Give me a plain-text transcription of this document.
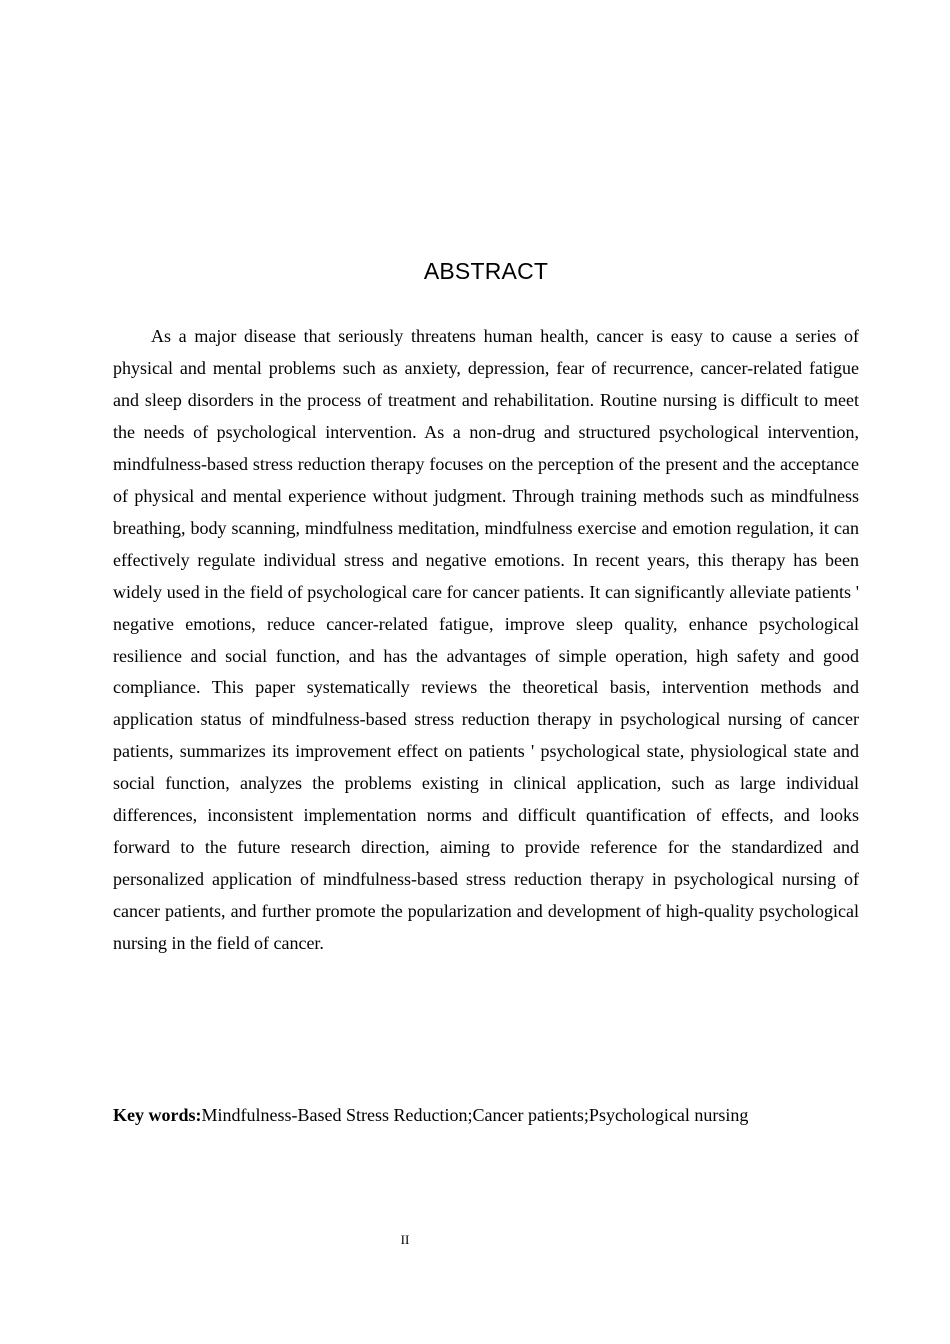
ABSTRACT

As a major disease that seriously threatens human health, cancer is easy to cause a series of physical and mental problems such as anxiety, depression, fear of recurrence, cancer-related fatigue and sleep disorders in the process of treatment and rehabilitation. Routine nursing is difficult to meet the needs of psychological intervention. As a non-drug and structured psychological intervention, mindfulness-based stress reduction therapy focuses on the perception of the present and the acceptance of physical and mental experience without judgment. Through training methods such as mindfulness breathing, body scanning, mindfulness meditation, mindfulness exercise and emotion regulation, it can effectively regulate individual stress and negative emotions. In recent years, this therapy has been widely used in the field of psychological care for cancer patients. It can significantly alleviate patients ' negative emotions, reduce cancer-related fatigue, improve sleep quality, enhance psychological resilience and social function, and has the advantages of simple operation, high safety and good compliance. This paper systematically reviews the theoretical basis, intervention methods and application status of mindfulness-based stress reduction therapy in psychological nursing of cancer patients, summarizes its improvement effect on patients ' psychological state, physiological state and social function, analyzes the problems existing in clinical application, such as large individual differences, inconsistent implementation norms and difficult quantification of effects, and looks forward to the future research direction, aiming to provide reference for the standardized and personalized application of mindfulness-based stress reduction therapy in psychological nursing of cancer patients, and further promote the popularization and development of high-quality psychological nursing in the field of cancer.

Key words:Mindfulness-Based Stress Reduction;Cancer patients;Psychological nursing

II
